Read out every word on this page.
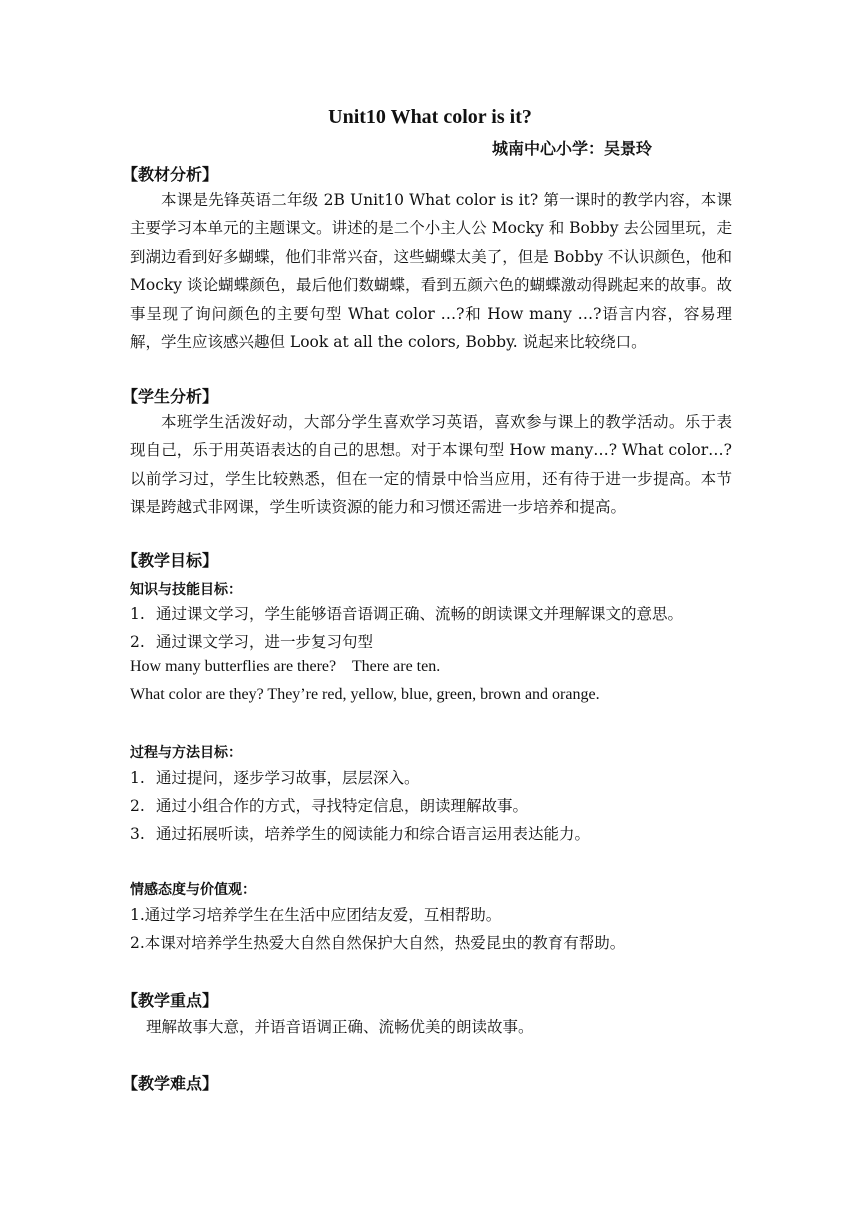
Unit10 What color is it?
城南中心小学：吴景玲
【教材分析】
本课是先锋英语二年级 2B Unit10 What color is it? 第一课时的教学内容，本课主要学习本单元的主题课文。讲述的是二个小主人公 Mocky 和 Bobby 去公园里玩，走到湖边看到好多蝴蝶，他们非常兴奋，这些蝴蝶太美了，但是 Bobby 不认识颜色，他和 Mocky 谈论蝴蝶颜色，最后他们数蝴蝶，看到五颜六色的蝴蝶激动得跳起来的故事。故事呈现了询问颜色的主要句型 What color …?和 How many …?语言内容，容易理解，学生应该感兴趣但 Look at all the colors, Bobby. 说起来比较绕口。
【学生分析】
本班学生活泼好动，大部分学生喜欢学习英语，喜欢参与课上的教学活动。乐于表现自己，乐于用英语表达的自己的思想。对于本课句型 How many…? What color…? 以前学习过，学生比较熟悉，但在一定的情景中恰当应用，还有待于进一步提高。本节课是跨越式非网课，学生听读资源的能力和习惯还需进一步培养和提高。
【教学目标】
知识与技能目标：
1. 通过课文学习，学生能够语音语调正确、流畅的朗读课文并理解课文的意思。
2. 通过课文学习，进一步复习句型
How many butterflies are there?    There are ten.
What color are they? They’re red, yellow, blue, green, brown and orange.
过程与方法目标：
1. 通过提问，逐步学习故事，层层深入。
2. 通过小组合作的方式，寻找特定信息，朗读理解故事。
3. 通过拓展听读，培养学生的阅读能力和综合语言运用表达能力。
情感态度与价值观：
1.通过学习培养学生在生活中应团结友爱，互相帮助。
2.本课对培养学生热爱大自然自然保护大自然，热爱昆虫的教育有帮助。
【教学重点】
理解故事大意，并语音语调正确、流畅优美的朗读故事。
【教学难点】
